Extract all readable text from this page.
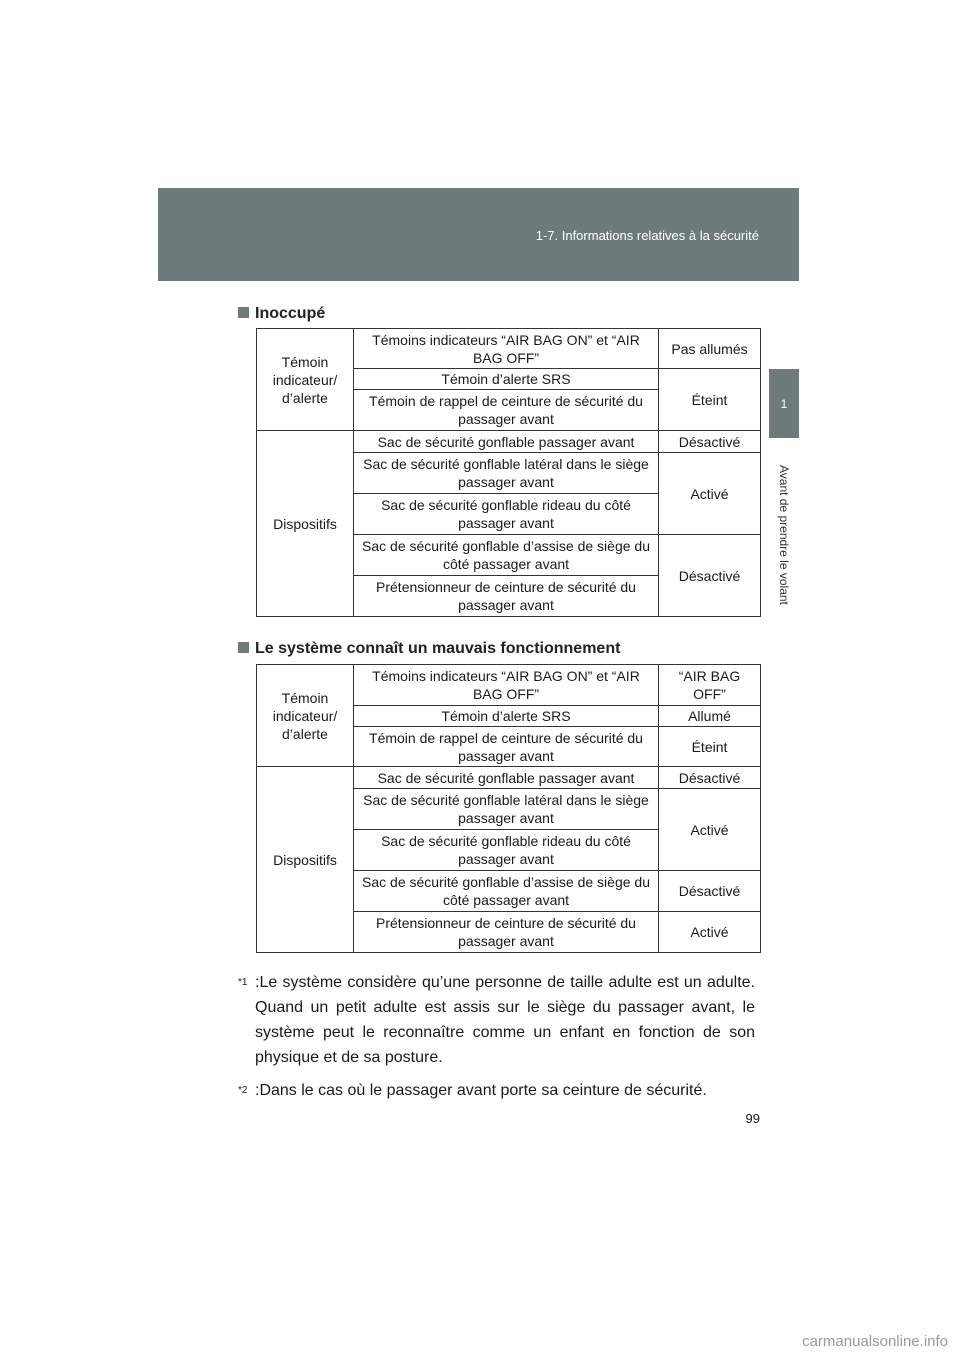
1-7. Informations relatives à la sécurité
1
Avant de prendre le volant
Inoccupé
Témoin indicateur/ d’alerte	Témoins indicateurs “AIR BAG ON” et “AIR BAG OFF”	Pas allumés
	Témoin d’alerte SRS	Éteint
	Témoin de rappel de ceinture de sécurité du passager avant	
Dispositifs	Sac de sécurité gonflable passager avant	Désactivé
	Sac de sécurité gonflable latéral dans le siège passager avant	Activé
	Sac de sécurité gonflable rideau du côté passager avant	
	Sac de sécurité gonflable d’assise de siège du côté passager avant	Désactivé
	Prétensionneur de ceinture de sécurité du passager avant	
Le système connaît un mauvais fonctionnement
Témoin indicateur/ d’alerte	Témoins indicateurs “AIR BAG ON” et “AIR BAG OFF”	“AIR BAG OFF”
	Témoin d’alerte SRS	Allumé
	Témoin de rappel de ceinture de sécurité du passager avant	Éteint
Dispositifs	Sac de sécurité gonflable passager avant	Désactivé
	Sac de sécurité gonflable latéral dans le siège passager avant	Activé
	Sac de sécurité gonflable rideau du côté passager avant	
	Sac de sécurité gonflable d’assise de siège du côté passager avant	Désactivé
	Prétensionneur de ceinture de sécurité du passager avant	Activé
$^{*1}$ :Le système considère qu’une personne de taille adulte est un adulte. Quand un petit adulte est assis sur le siège du passager avant, le système peut le reconnaître comme un enfant en fonction de son physique et de sa posture.
$^{*2}$ :Dans le cas où le passager avant porte sa ceinture de sécurité.
99
carmanualsonline.info
